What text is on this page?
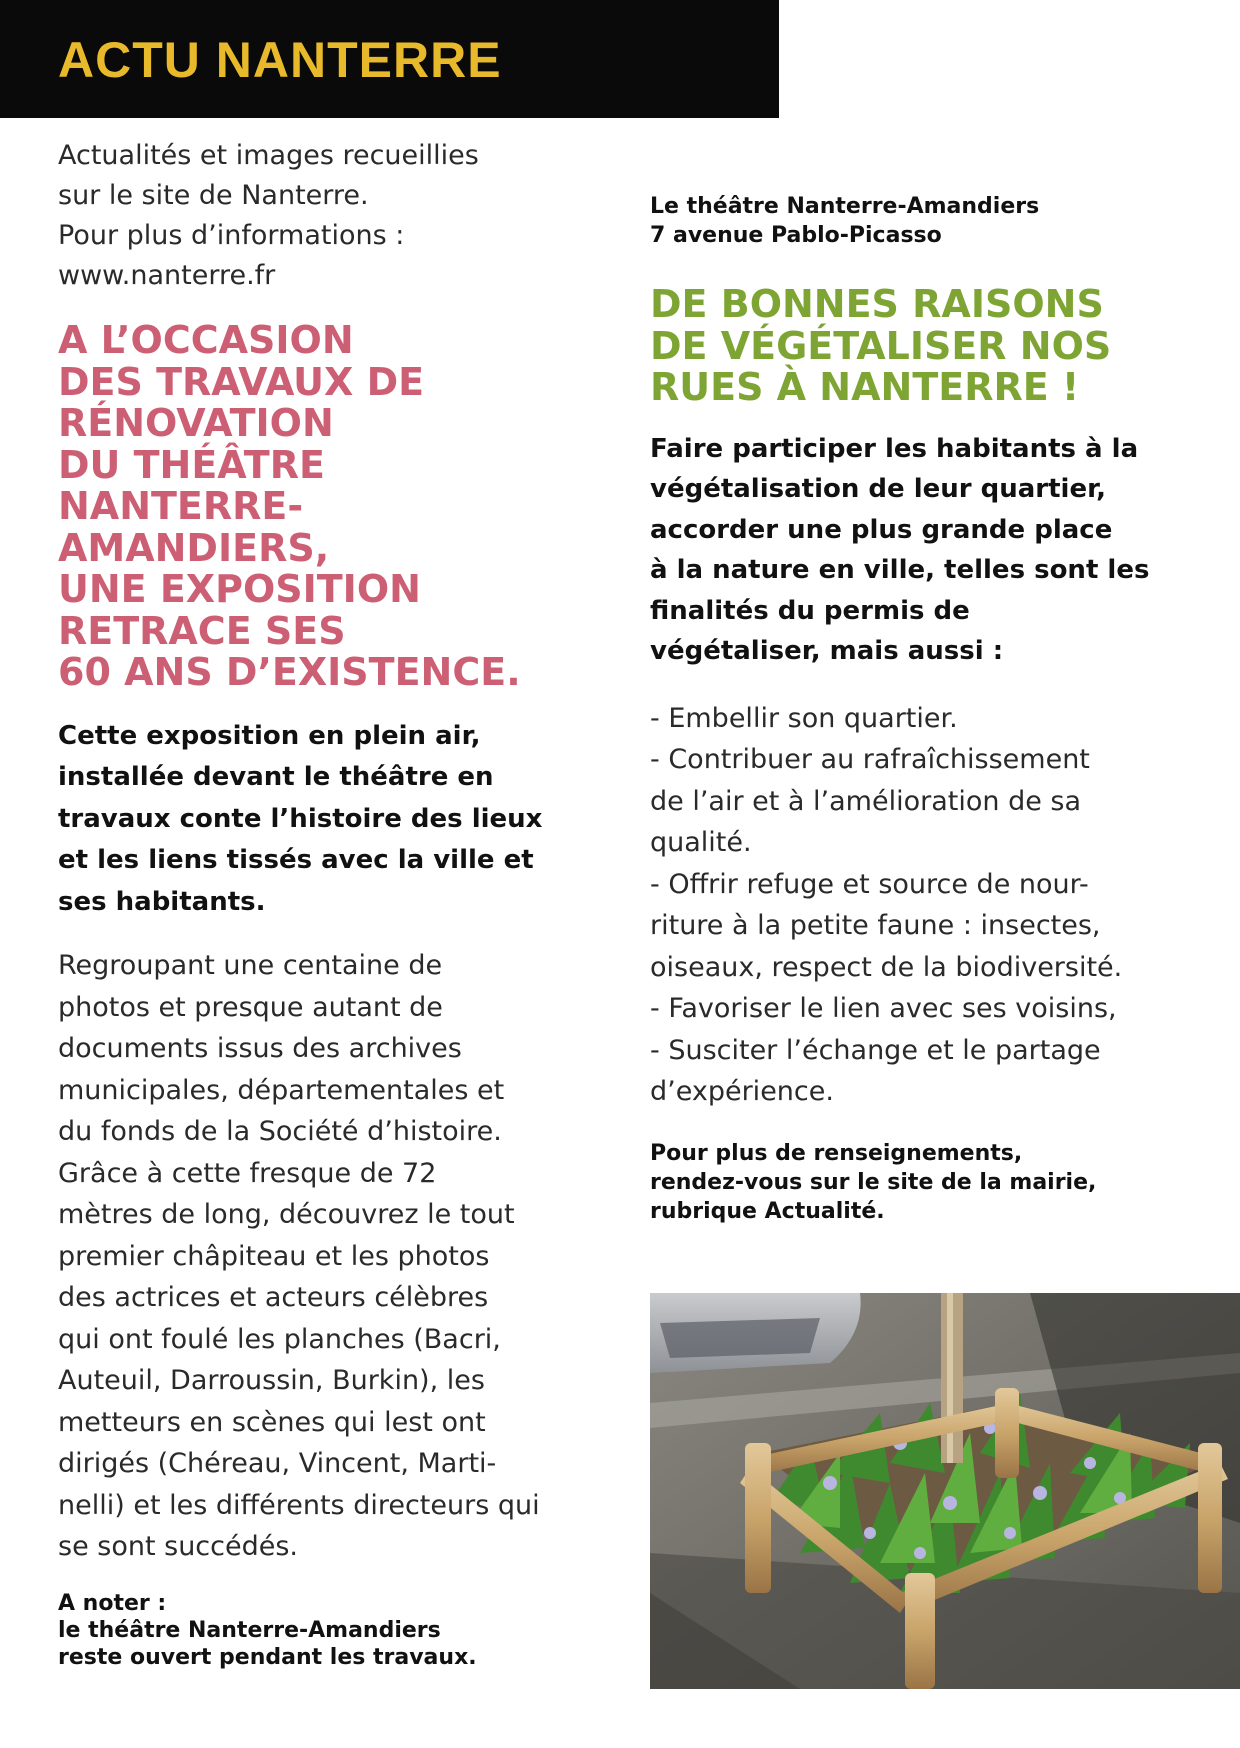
ACTU NANTERRE

Actualités et images recueillies
sur le site de Nanterre.
Pour plus d’informations :
www.nanterre.fr

A L’OCCASION
DES TRAVAUX DE
RÉNOVATION
DU THÉÂTRE
NANTERRE-
AMANDIERS,
UNE EXPOSITION
RETRACE SES
60 ANS D’EXISTENCE.

Cette exposition en plein air,
installée devant le théâtre en
travaux conte l’histoire des lieux
et les liens tissés avec la ville et
ses habitants.

Regroupant une centaine de
photos et presque autant de
documents issus des archives
municipales, départementales et
du fonds de la Société d’histoire.
Grâce à cette fresque de 72
mètres de long, découvrez le tout
premier châpiteau et les photos
des actrices et acteurs célèbres
qui ont foulé les planches (Bacri,
Auteuil, Darroussin, Burkin), les
metteurs en scènes qui lest ont
dirigés (Chéreau, Vincent, Marti-
nelli) et les différents directeurs qui
se sont succédés.

A noter :
le théâtre Nanterre-Amandiers
reste ouvert pendant les travaux.

Le théâtre Nanterre-Amandiers
7 avenue Pablo-Picasso

DE BONNES RAISONS
DE VÉGÉTALISER NOS
RUES À NANTERRE !

Faire participer les habitants à la
végétalisation de leur quartier,
accorder une plus grande place
à la nature en ville, telles sont les
finalités du permis de
végétaliser, mais aussi :

- Embellir son quartier.
- Contribuer au rafraîchissement
de l’air et à l’amélioration de sa
qualité.
- Offrir refuge et source de nour-
riture à la petite faune : insectes,
oiseaux, respect de la biodiversité.
- Favoriser le lien avec ses voisins,
- Susciter l’échange et le partage
d’expérience.

Pour plus de renseignements,
rendez-vous sur le site de la mairie,
rubrique Actualité.
